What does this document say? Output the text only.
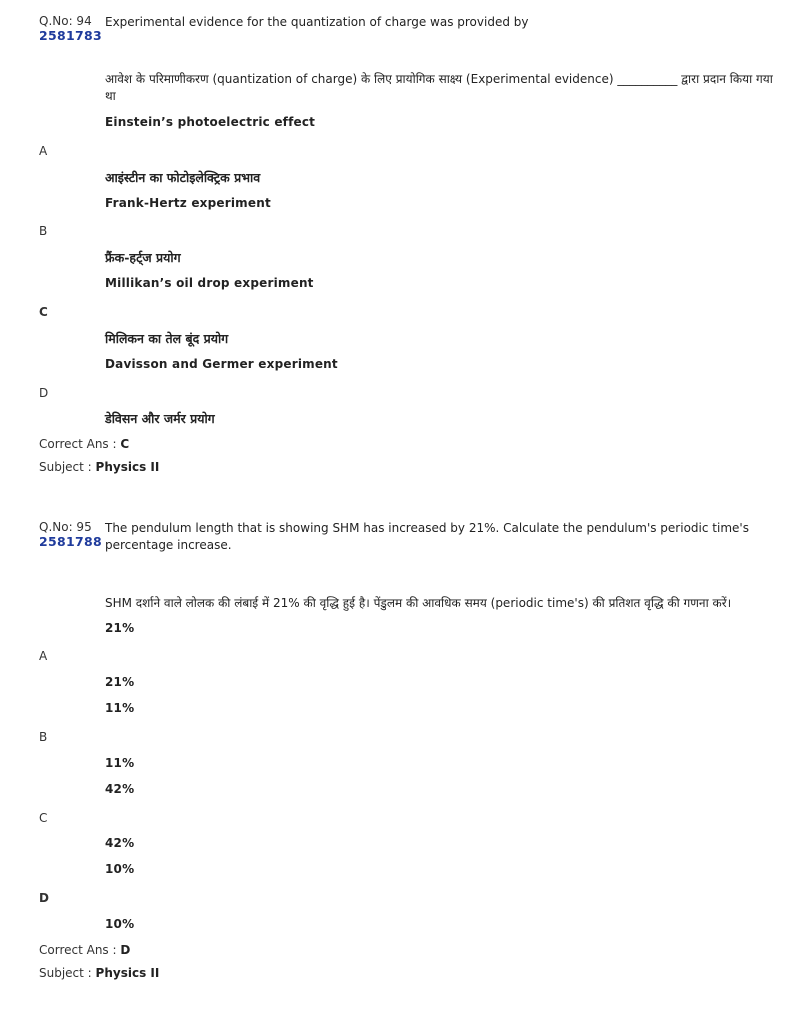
Q.No: 94
2581783
Experimental evidence for the quantization of charge was provided by
आवेश के परिमाणीकरण (quantization of charge) के लिए प्रायोगिक साक्ष्य (Experimental evidence) __________ द्वारा प्रदान किया गया
था
Einstein’s photoelectric effect
A
आइंस्टीन का फोटोइलेक्ट्रिक प्रभाव
Frank-Hertz experiment
B
फ्रैंक-हर्ट्ज प्रयोग
Millikan’s oil drop experiment
C
मिलिकन का तेल बूंद प्रयोग
Davisson and Germer experiment
D
डेविसन और जर्मर प्रयोग
Correct Ans : C
Subject : Physics II
Q.No: 95
2581788
The pendulum length that is showing SHM has increased by 21%. Calculate the pendulum's periodic time's
percentage increase.
SHM दर्शाने वाले लोलक की लंबाई में 21% की वृद्धि हुई है। पेंडुलम की आवधिक समय (periodic time's) की प्रतिशत वृद्धि की गणना करें।
21%
A
21%
11%
B
11%
42%
C
42%
10%
D
10%
Correct Ans : D
Subject : Physics II
